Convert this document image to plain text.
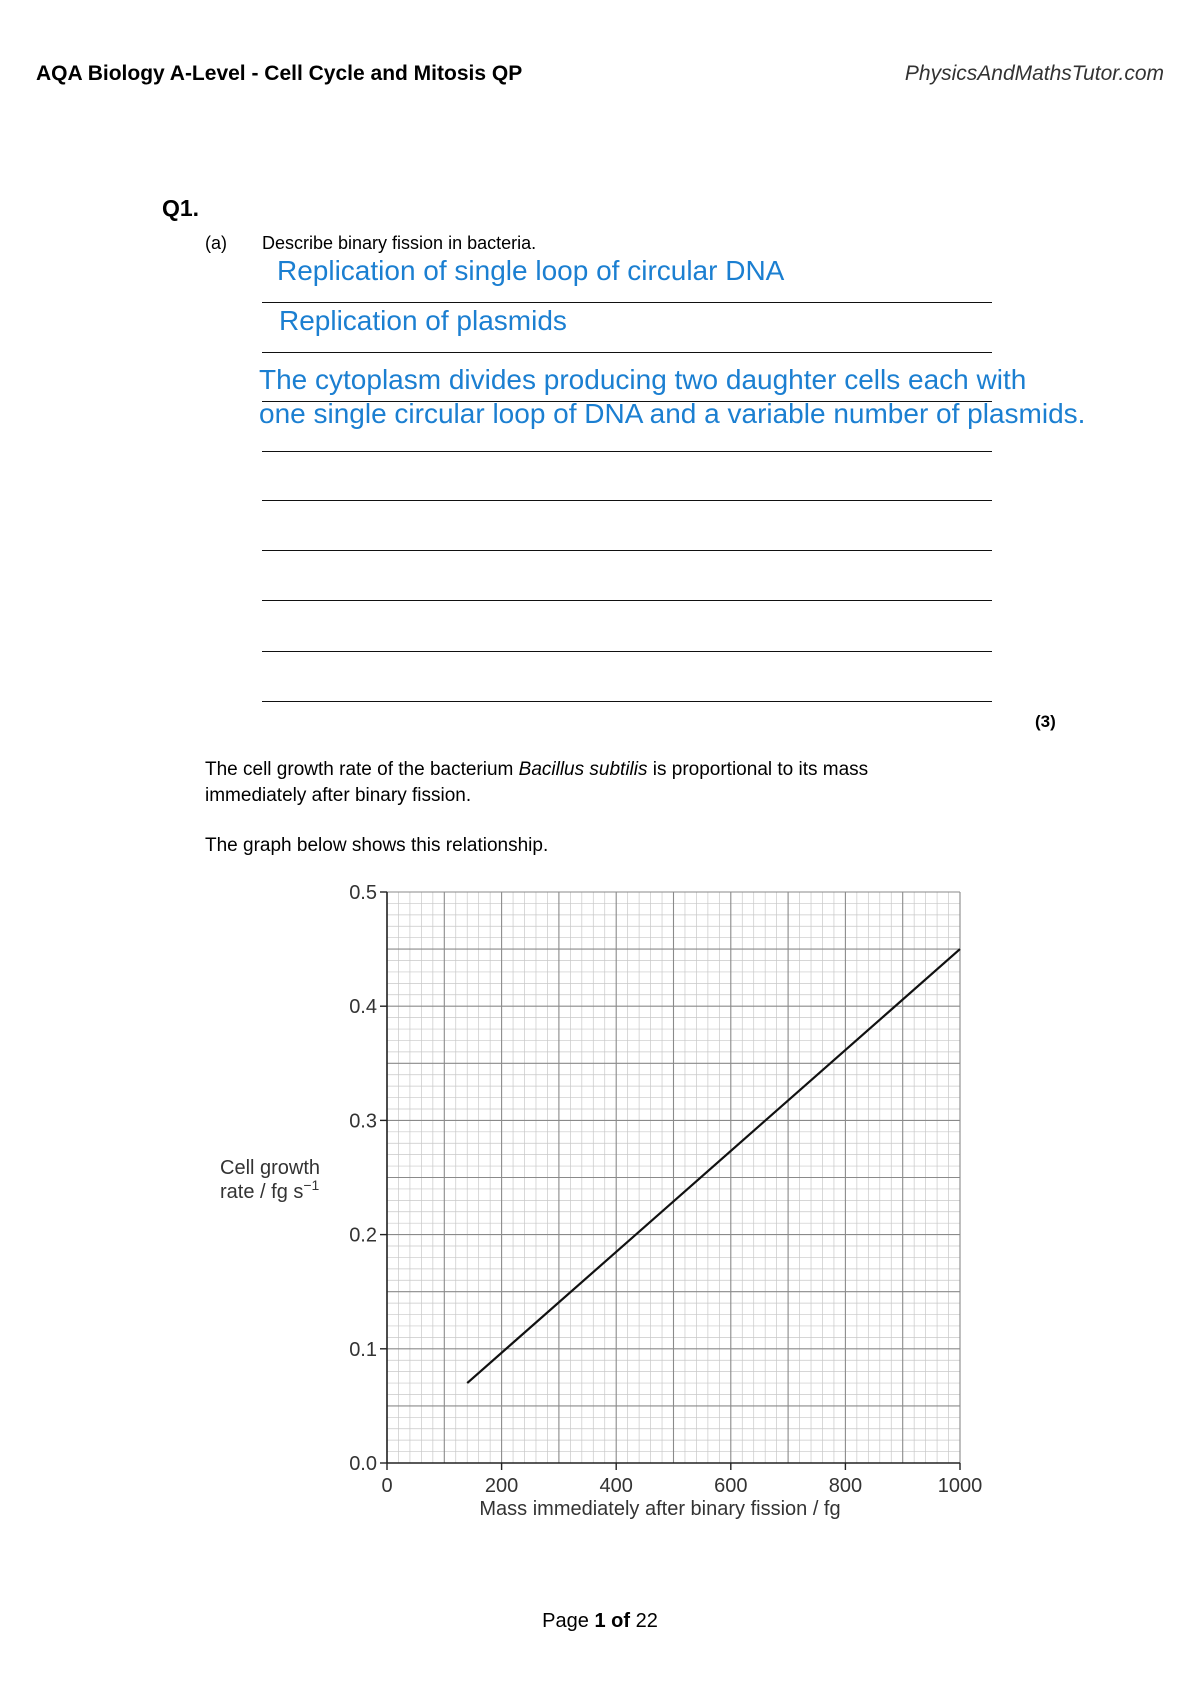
AQA Biology A-Level - Cell Cycle and Mitosis QP	PhysicsAndMathsTutor.com
Q1.
(a) Describe binary fission in bacteria.
Replication of single loop of circular DNA
Replication of plasmids
The cytoplasm divides producing two daughter cells each with
one single circular loop of DNA and a variable number of plasmids.
(3)
The cell growth rate of the bacterium Bacillus subtilis is proportional to its mass
immediately after binary fission.
The graph below shows this relationship.
0.0
0.1
0.2
0.3
0.4
0.5
0	200	400	600	800	1000
Cell growth
rate / fg $s^{-1}$
Mass immediately after binary fission / fg
Page 1 of 22
